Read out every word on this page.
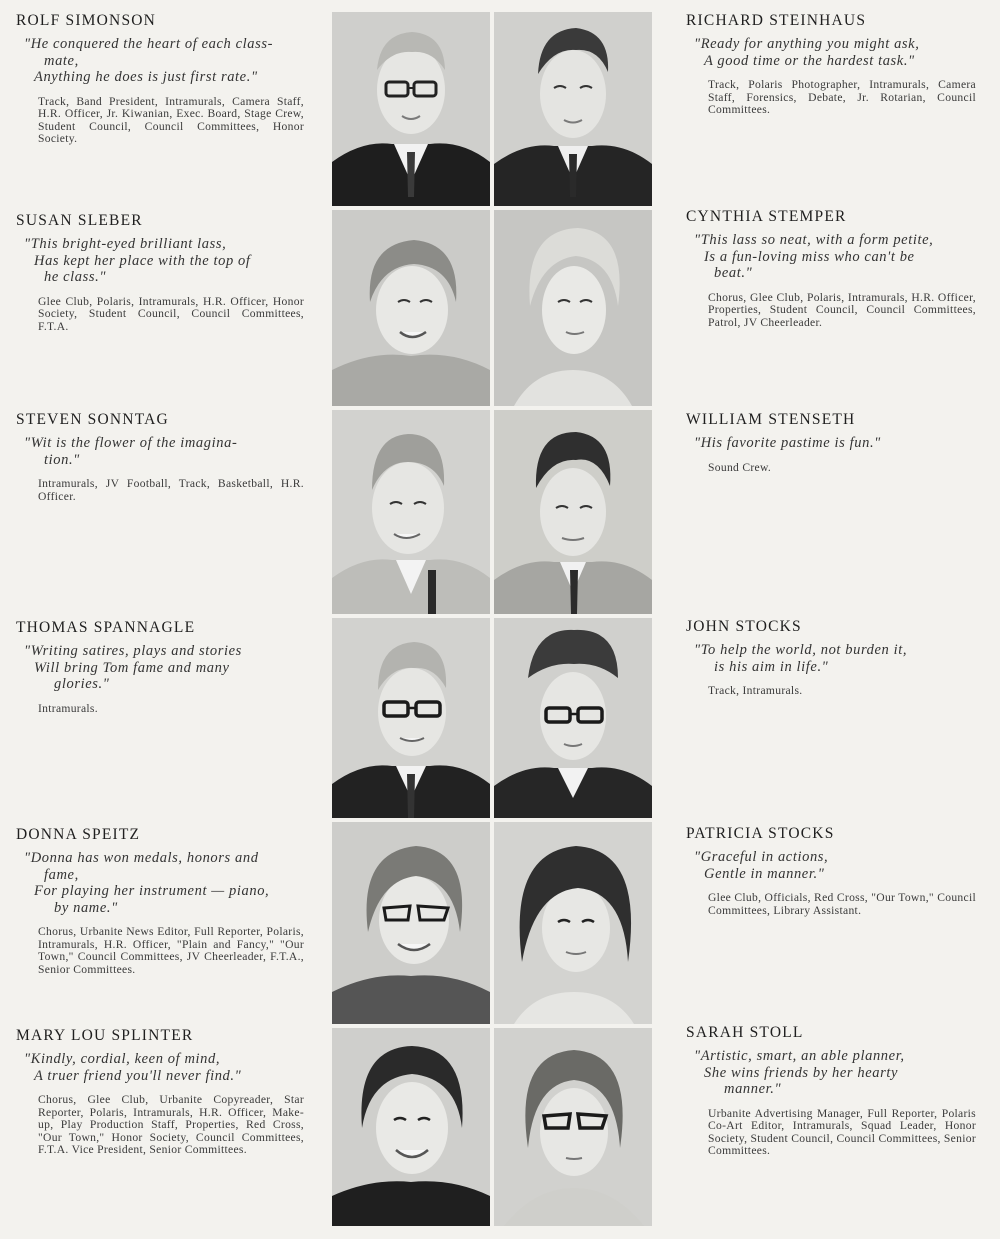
ROLF SIMONSON
"He conquered the heart of each class-
mate,
Anything he does is just first rate."
Track, Band President, Intramurals, Camera Staff, H.R. Officer, Jr. Kiwanian, Exec. Board, Stage Crew, Student Council, Council Committees, Honor Society.
SUSAN SLEBER
"This bright-eyed brilliant lass,
Has kept her place with the top of
he class."
Glee Club, Polaris, Intramurals, H.R. Officer, Honor Society, Student Council, Council Committees, F.T.A.
STEVEN SONNTAG
"Wit is the flower of the imagina-
tion."
Intramurals, JV Football, Track, Basketball, H.R. Officer.
THOMAS SPANNAGLE
"Writing satires, plays and stories
Will bring Tom fame and many
glories."
Intramurals.
DONNA SPEITZ
"Donna has won medals, honors and
fame,
For playing her instrument — piano,
by name."
Chorus, Urbanite News Editor, Full Reporter, Polaris, Intramurals, H.R. Officer, "Plain and Fancy," "Our Town," Council Committees, JV Cheerleader, F.T.A., Senior Committees.
MARY LOU SPLINTER
"Kindly, cordial, keen of mind,
A truer friend you'll never find."
Chorus, Glee Club, Urbanite Copyreader, Star Reporter, Polaris, Intramurals, H.R. Officer, Make-up, Play Production Staff, Properties, Red Cross, "Our Town," Honor Society, Council Committees, F.T.A. Vice President, Senior Committees.
RICHARD STEINHAUS
"Ready for anything you might ask,
A good time or the hardest task."
Track, Polaris Photographer, Intramurals, Camera Staff, Forensics, Debate, Jr. Rotarian, Council Committees.
CYNTHIA STEMPER
"This lass so neat, with a form petite,
Is a fun-loving miss who can't be
beat."
Chorus, Glee Club, Polaris, Intramurals, H.R. Officer, Properties, Student Council, Council Committees, Patrol, JV Cheerleader.
WILLIAM STENSETH
"His favorite pastime is fun."
Sound Crew.
JOHN STOCKS
"To help the world, not burden it,
is his aim in life."
Track, Intramurals.
PATRICIA STOCKS
"Graceful in actions,
Gentle in manner."
Glee Club, Officials, Red Cross, "Our Town," Council Committees, Library Assistant.
SARAH STOLL
"Artistic, smart, an able planner,
She wins friends by her hearty
manner."
Urbanite Advertising Manager, Full Reporter, Polaris Co-Art Editor, Intramurals, Squad Leader, Honor Society, Student Council, Council Committees, Senior Committees.
